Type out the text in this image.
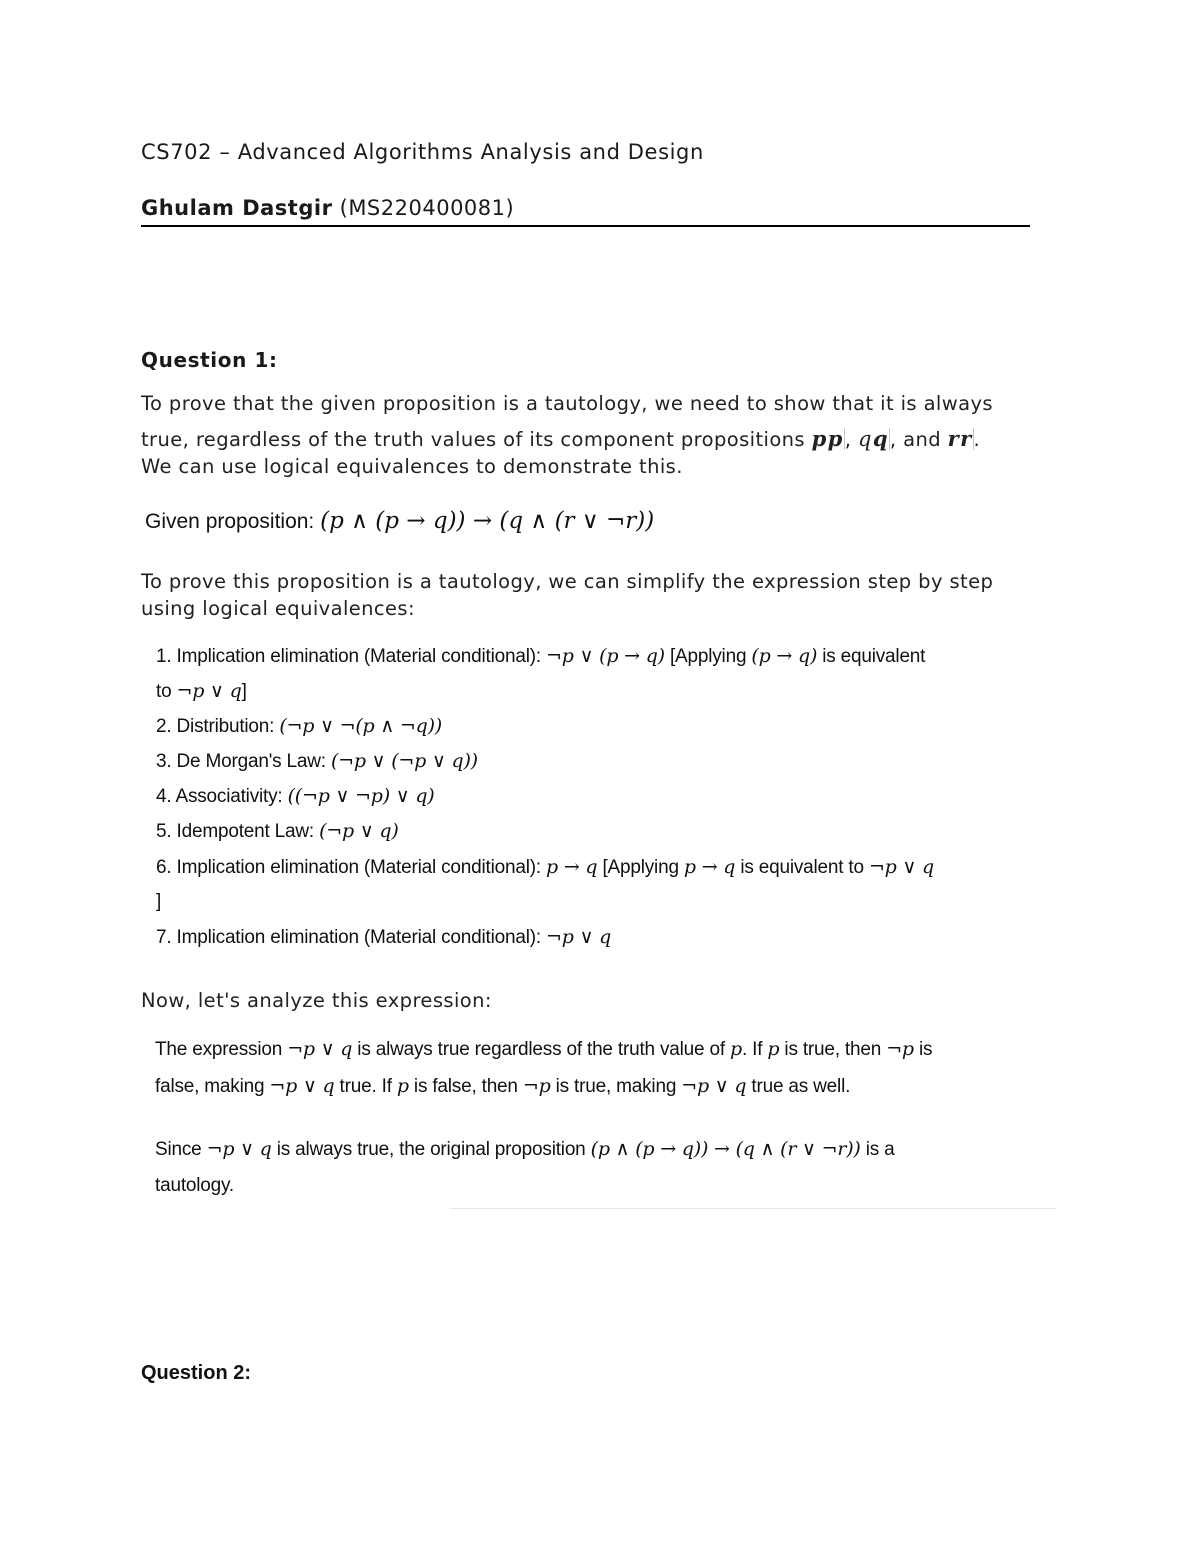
CS702 – Advanced Algorithms Analysis and Design
Ghulam Dastgir (MS220400081)
Question 1:
To prove that the given proposition is a tautology, we need to show that it is always
true, regardless of the truth values of its component propositions pp , qq , and rr .
We can use logical equivalences to demonstrate this.
Given proposition: (p ∧ (p → q)) → (q ∧ (r ∨ ¬r))
To prove this proposition is a tautology, we can simplify the expression step by step
using logical equivalences:
1. Implication elimination (Material conditional): ¬p ∨ (p → q) [Applying (p → q) is equivalent
to ¬p ∨ q]
2. Distribution: (¬p ∨ ¬(p ∧ ¬q))
3. De Morgan's Law: (¬p ∨ (¬p ∨ q))
4. Associativity: ((¬p ∨ ¬p) ∨ q)
5. Idempotent Law: (¬p ∨ q)
6. Implication elimination (Material conditional): p → q [Applying p → q is equivalent to ¬p ∨ q
]
7. Implication elimination (Material conditional): ¬p ∨ q
Now, let's analyze this expression:
The expression ¬p ∨ q is always true regardless of the truth value of p. If p is true, then ¬p is
false, making ¬p ∨ q true. If p is false, then ¬p is true, making ¬p ∨ q true as well.
Since ¬p ∨ q is always true, the original proposition (p ∧ (p → q)) → (q ∧ (r ∨ ¬r)) is a
tautology.
Question 2:
